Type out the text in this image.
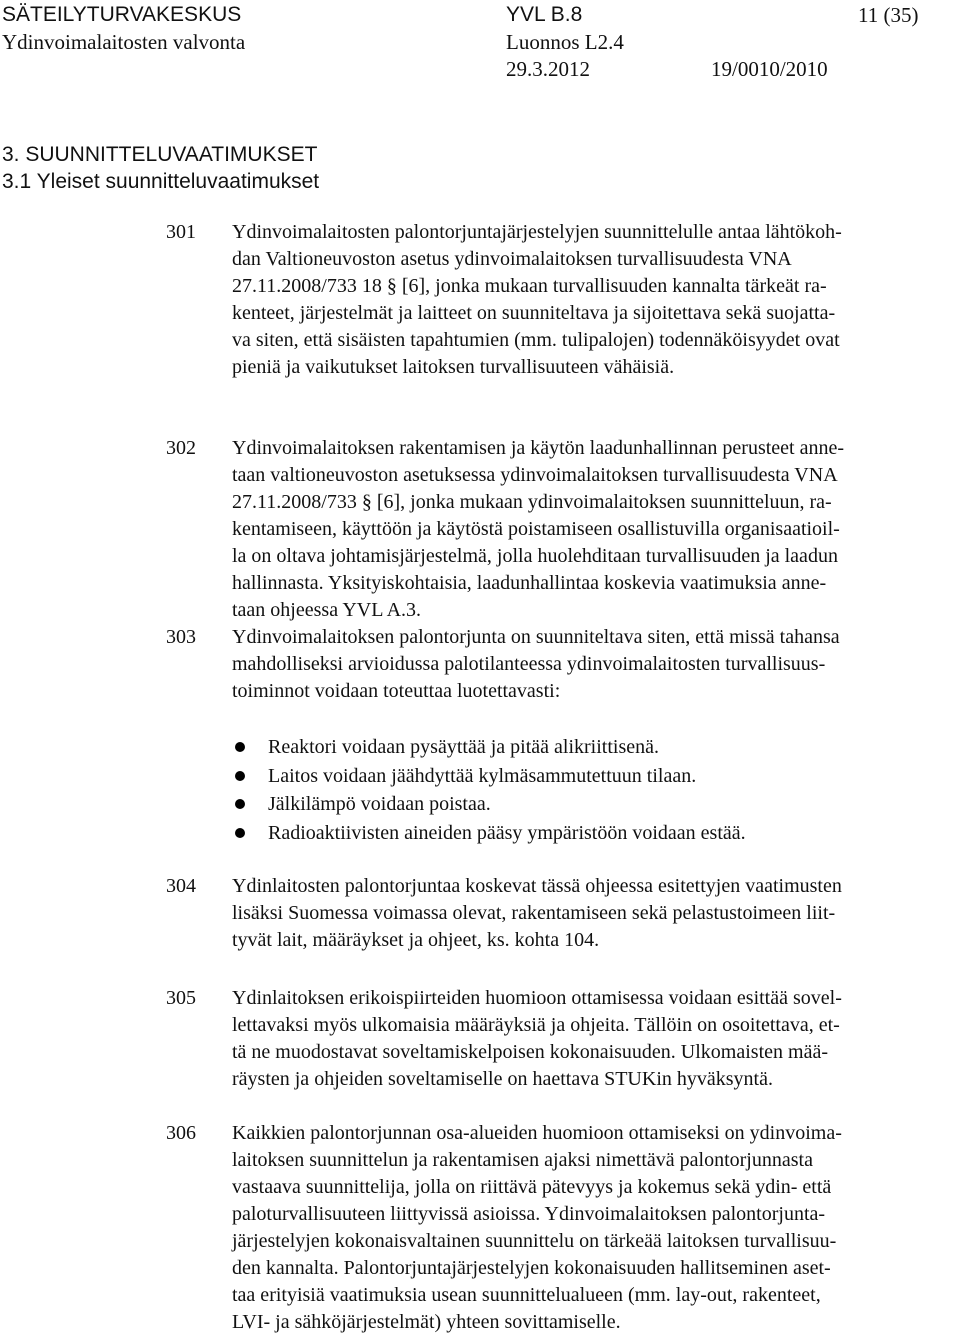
SÄTEILYTURVAKESKUS	YVL B.8	11 (35)
Ydinvoimalaitosten valvonta	Luonnos L2.4
29.3.2012	19/0010/2010
3. SUUNNITTELUVAATIMUKSET
3.1 Yleiset suunnitteluvaatimukset
301 Ydinvoimalaitosten palontorjuntajärjestelyjen suunnittelulle antaa lähtökoh-
dan Valtioneuvoston asetus ydinvoimalaitoksen turvallisuudesta VNA
27.11.2008/733 18 § [6], jonka mukaan turvallisuuden kannalta tärkeät ra-
kenteet, järjestelmät ja laitteet on suunniteltava ja sijoitettava sekä suojatta-
va siten, että sisäisten tapahtumien (mm. tulipalojen) todennäköisyydet ovat
pieniä ja vaikutukset laitoksen turvallisuuteen vähäisiä.
302 Ydinvoimalaitoksen rakentamisen ja käytön laadunhallinnan perusteet anne-
taan valtioneuvoston asetuksessa ydinvoimalaitoksen turvallisuudesta VNA
27.11.2008/733 § [6], jonka mukaan ydinvoimalaitoksen suunnitteluun, ra-
kentamiseen, käyttöön ja käytöstä poistamiseen osallistuvilla organisaatioil-
la on oltava johtamisjärjestelmä, jolla huolehditaan turvallisuuden ja laadun
hallinnasta. Yksityiskohtaisia, laadunhallintaa koskevia vaatimuksia anne-
taan ohjeessa YVL A.3.
303 Ydinvoimalaitoksen palontorjunta on suunniteltava siten, että missä tahansa
mahdolliseksi arvioidussa palotilanteessa ydinvoimalaitosten turvallisuus-
toiminnot voidaan toteuttaa luotettavasti:
Reaktori voidaan pysäyttää ja pitää alikriittisenä.
Laitos voidaan jäähdyttää kylmäsammutettuun tilaan.
Jälkilämpö voidaan poistaa.
Radioaktiivisten aineiden pääsy ympäristöön voidaan estää.
304 Ydinlaitosten palontorjuntaa koskevat tässä ohjeessa esitettyjen vaatimusten
lisäksi Suomessa voimassa olevat, rakentamiseen sekä pelastustoimeen liit-
tyvät lait, määräykset ja ohjeet, ks. kohta 104.
305 Ydinlaitoksen erikoispiirteiden huomioon ottamisessa voidaan esittää sovel-
lettavaksi myös ulkomaisia määräyksiä ja ohjeita. Tällöin on osoitettava, et-
tä ne muodostavat soveltamiskelpoisen kokonaisuuden. Ulkomaisten mää-
räysten ja ohjeiden soveltamiselle on haettava STUKin hyväksyntä.
306 Kaikkien palontorjunnan osa-alueiden huomioon ottamiseksi on ydinvoima-
laitoksen suunnittelun ja rakentamisen ajaksi nimettävä palontorjunnasta
vastaava suunnittelija, jolla on riittävä pätevyys ja kokemus sekä ydin- että
paloturvallisuuteen liittyvissä asioissa. Ydinvoimalaitoksen palontorjunta-
järjestelyjen kokonaisvaltainen suunnittelu on tärkeää laitoksen turvallisuu-
den kannalta. Palontorjuntajärjestelyjen kokonaisuuden hallitseminen aset-
taa erityisiä vaatimuksia usean suunnittelualueen (mm. lay-out, rakenteet,
LVI- ja sähköjärjestelmät) yhteen sovittamiselle.
